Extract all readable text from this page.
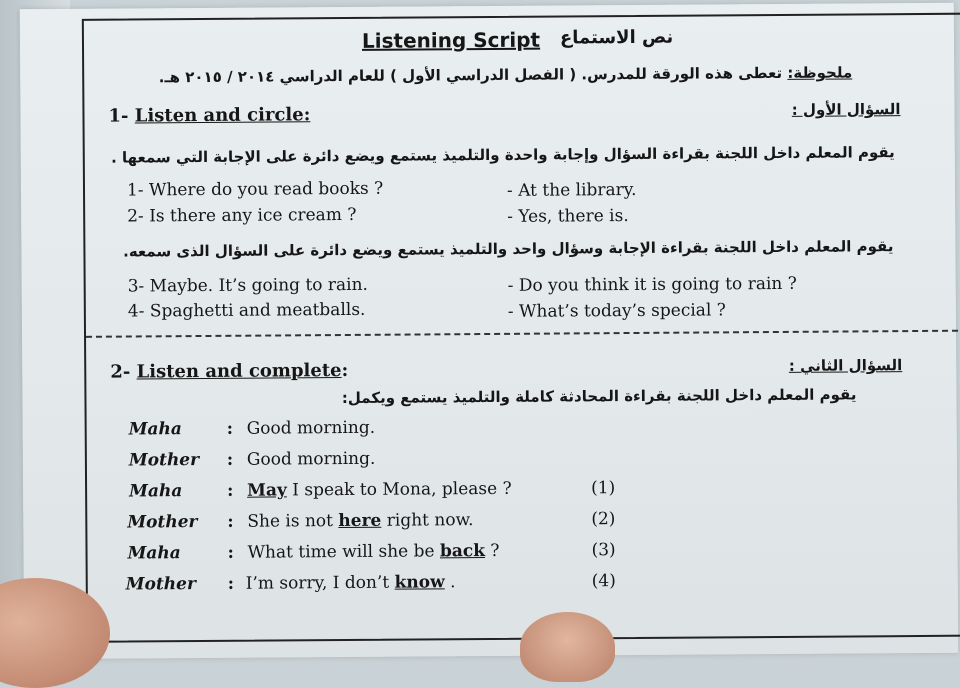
Listening Script نص الاستماع
ملحوظة: تعطى هذه الورقة للمدرس. ( الفصل الدراسي الأول ) للعام الدراسي ٢٠١٤ / ٢٠١٥ هـ.
1- Listen and circle:	السؤال الأول :
يقوم المعلم داخل اللجنة بقراءة السؤال وإجابة واحدة والتلميذ يستمع ويضع دائرة على الإجابة التي سمعها .
1- Where do you read books ?	- At the library.
2- Is there any ice cream ?	- Yes, there is.
يقوم المعلم داخل اللجنة بقراءة الإجابة وسؤال واحد والتلميذ يستمع ويضع دائرة على السؤال الذى سمعه.
3- Maybe. It’s going to rain.	- Do you think it is going to rain ?
4- Spaghetti and meatballs.	- What’s today’s special ?
2- Listen and complete:	السؤال الثاني :
يقوم المعلم داخل اللجنة بقراءة المحادثة كاملة والتلميذ يستمع ويكمل:
Maha	: Good morning.
Mother : Good morning.
Maha	: May I speak to Mona, please ?	(1)
Mother : She is not here right now.	(2)
Maha	: What time will she be back ?	(3)
Mother : I’m sorry, I don’t know .	(4)
